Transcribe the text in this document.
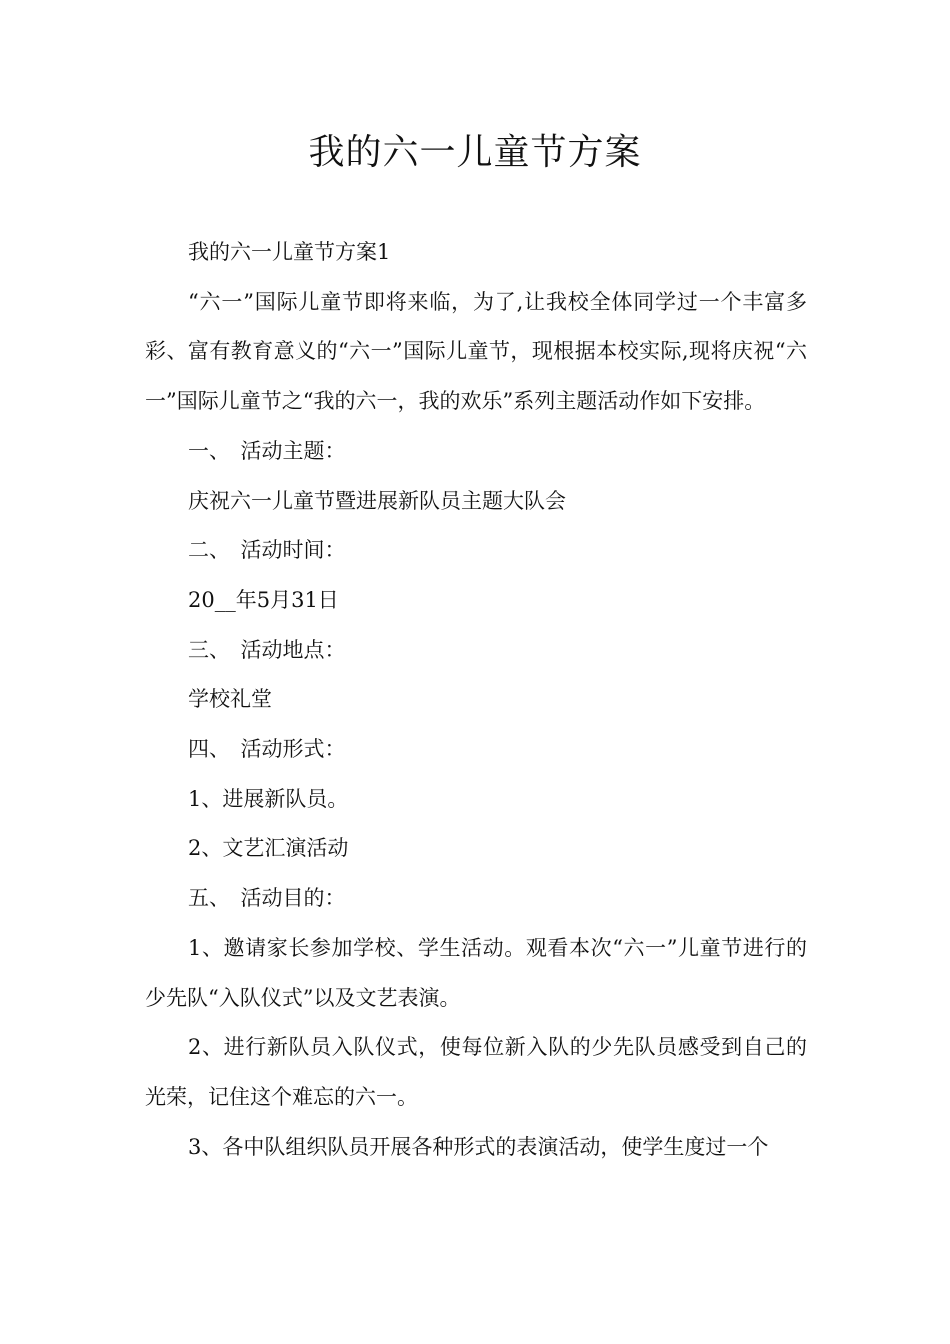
我的六一儿童节方案

我的六一儿童节方案1

“六一”国际儿童节即将来临，为了,让我校全体同学过一个丰富多彩、富有教育意义的“六一”国际儿童节，现根据本校实际,现将庆祝“六一”国际儿童节之“我的六一，我的欢乐”系列主题活动作如下安排。

一、　活动主题：

庆祝六一儿童节暨进展新队员主题大队会

二、　活动时间：

20__年5月31日

三、　活动地点：

学校礼堂

四、　活动形式：

1、进展新队员。

2、文艺汇演活动

五、　活动目的：

1、邀请家长参加学校、学生活动。观看本次“六一”儿童节进行的少先队“入队仪式”以及文艺表演。

2、进行新队员入队仪式，使每位新入队的少先队员感受到自己的光荣，记住这个难忘的六一。

3、各中队组织队员开展各种形式的表演活动，使学生度过一个
